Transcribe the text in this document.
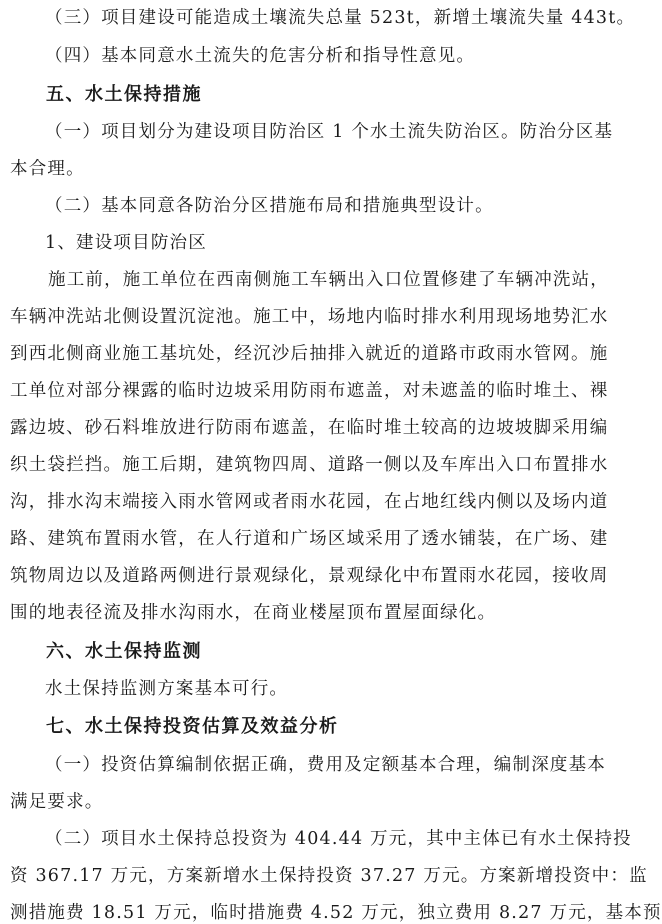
（三）项目建设可能造成土壤流失总量 523t，新增土壤流失量 443t。
（四）基本同意水土流失的危害分析和指导性意见。
五、水土保持措施
（一）项目划分为建设项目防治区 1 个水土流失防治区。防治分区基
本合理。
（二）基本同意各防治分区措施布局和措施典型设计。
1、建设项目防治区
施工前，施工单位在西南侧施工车辆出入口位置修建了车辆冲洗站，
车辆冲洗站北侧设置沉淀池。施工中，场地内临时排水利用现场地势汇水
到西北侧商业施工基坑处，经沉沙后抽排入就近的道路市政雨水管网。施
工单位对部分裸露的临时边坡采用防雨布遮盖，对未遮盖的临时堆土、裸
露边坡、砂石料堆放进行防雨布遮盖，在临时堆土较高的边坡坡脚采用编
织土袋拦挡。施工后期，建筑物四周、道路一侧以及车库出入口布置排水
沟，排水沟末端接入雨水管网或者雨水花园，在占地红线内侧以及场内道
路、建筑布置雨水管，在人行道和广场区域采用了透水铺装，在广场、建
筑物周边以及道路两侧进行景观绿化，景观绿化中布置雨水花园，接收周
围的地表径流及排水沟雨水，在商业楼屋顶布置屋面绿化。
六、水土保持监测
水土保持监测方案基本可行。
七、水土保持投资估算及效益分析
（一）投资估算编制依据正确，费用及定额基本合理，编制深度基本
满足要求。
（二）项目水土保持总投资为 404.44 万元，其中主体已有水土保持投
资 367.17 万元，方案新增水土保持投资 37.27 万元。方案新增投资中：监
测措施费 18.51 万元，临时措施费 4.52 万元，独立费用 8.27 万元，基本预
